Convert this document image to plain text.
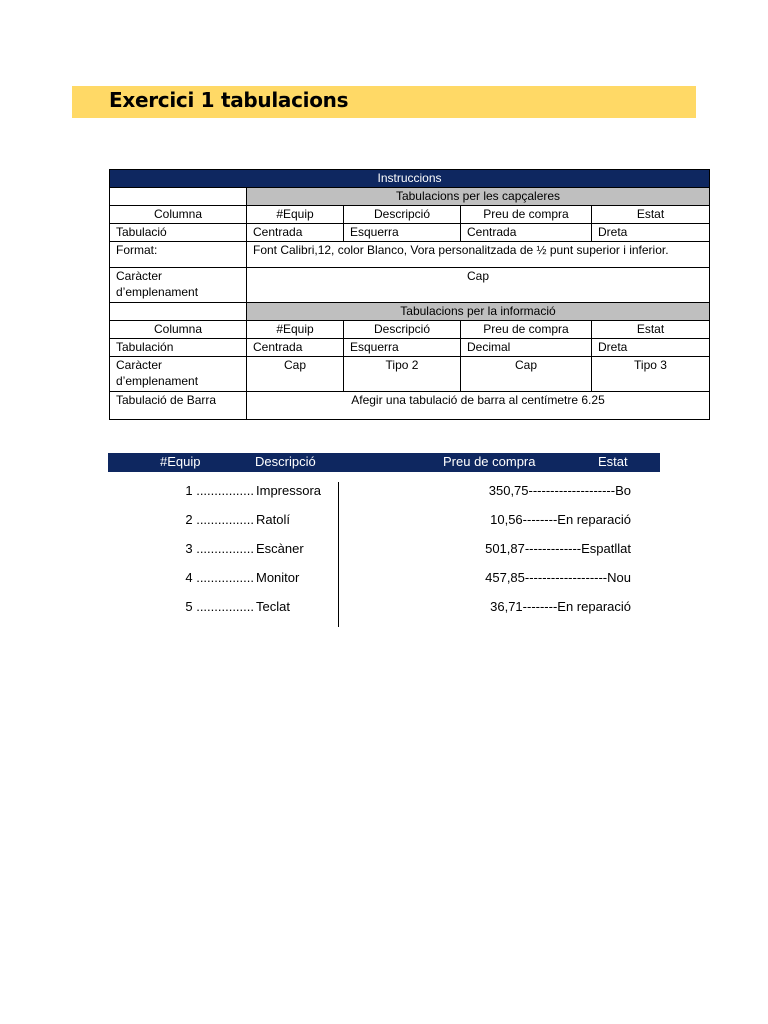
Exercici 1 tabulacions
Instruccions				
	Tabulacions per les capçaleres			
Columna	#Equip	Descripció	Preu de compra	Estat
Tabulació	Centrada	Esquerra	Centrada	Dreta
Format:	Font Calibri,12, color Blanco, Vora personalitzada de ½ punt superior i inferior.			
Caràcter d’emplenament	Cap			
	Tabulacions per la informació			
Columna	#Equip	Descripció	Preu de compra	Estat
Tabulación	Centrada	Esquerra	Decimal	Dreta
Caràcter d’emplenament	Cap	Tipo 2	Cap	Tipo 3
Tabulació de Barra	Afegir una tabulació de barra al centímetre 6.25			
#Equip	Descripció	Preu de compra	Estat
1 ................ Impressora	350,75--------------------Bo
2 ................ Ratolí	10,56--------En reparació
3 ................ Escàner	501,87-------------Espatllat
4 ................ Monitor	457,85-------------------Nou
5 ................ Teclat	36,71--------En reparació
